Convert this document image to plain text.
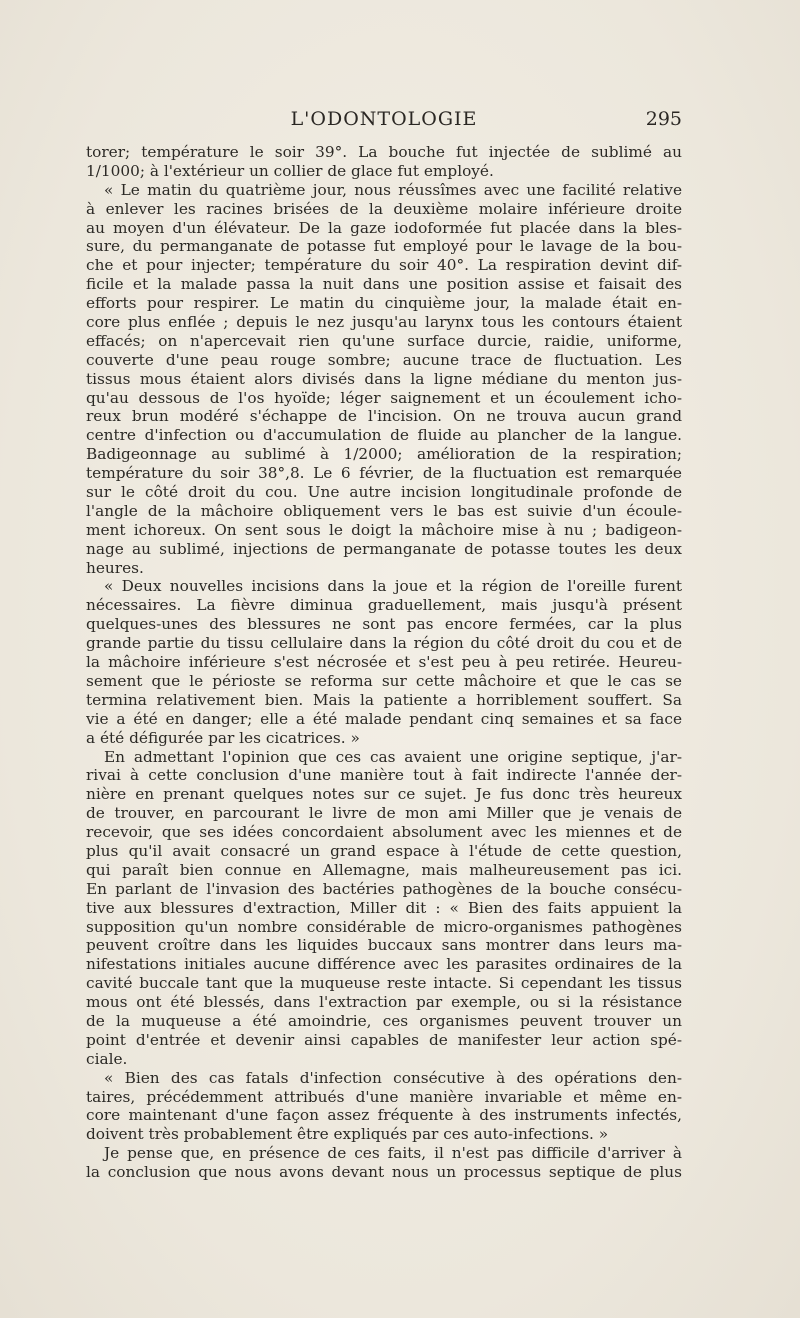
L'ODONTOLOGIE	295
torer; température le soir 39°. La bouche fut injectée de sublimé au
1/1000; à l'extérieur un collier de glace fut employé.
« Le matin du quatrième jour, nous réussîmes avec une facilité relative
à enlever les racines brisées de la deuxième molaire inférieure droite
au moyen d'un élévateur. De la gaze iodoformée fut placée dans la bles-
sure, du permanganate de potasse fut employé pour le lavage de la bou-
che et pour injecter; température du soir 40°. La respiration devint dif-
ficile et la malade passa la nuit dans une position assise et faisait des
efforts pour respirer. Le matin du cinquième jour, la malade était en-
core plus enflée ; depuis le nez jusqu'au larynx tous les contours étaient
effacés; on n'apercevait rien qu'une surface durcie, raidie, uniforme,
couverte d'une peau rouge sombre; aucune trace de fluctuation. Les
tissus mous étaient alors divisés dans la ligne médiane du menton jus-
qu'au dessous de l'os hyoïde; léger saignement et un écoulement icho-
reux brun modéré s'échappe de l'incision. On ne trouva aucun grand
centre d'infection ou d'accumulation de fluide au plancher de la langue.
Badigeonnage au sublimé à 1/2000; amélioration de la respiration;
température du soir 38°,8. Le 6 février, de la fluctuation est remarquée
sur le côté droit du cou. Une autre incision longitudinale profonde de
l'angle de la mâchoire obliquement vers le bas est suivie d'un écoule-
ment ichoreux. On sent sous le doigt la mâchoire mise à nu ; badigeon-
nage au sublimé, injections de permanganate de potasse toutes les deux
heures.
« Deux nouvelles incisions dans la joue et la région de l'oreille furent
nécessaires. La fièvre diminua graduellement, mais jusqu'à présent
quelques-unes des blessures ne sont pas encore fermées, car la plus
grande partie du tissu cellulaire dans la région du côté droit du cou et de
la mâchoire inférieure s'est nécrosée et s'est peu à peu retirée. Heureu-
sement que le périoste se reforma sur cette mâchoire et que le cas se
termina relativement bien. Mais la patiente a horriblement souffert. Sa
vie a été en danger; elle a été malade pendant cinq semaines et sa face
a été défigurée par les cicatrices. »
En admettant l'opinion que ces cas avaient une origine septique, j'ar-
rivai à cette conclusion d'une manière tout à fait indirecte l'année der-
nière en prenant quelques notes sur ce sujet. Je fus donc très heureux
de trouver, en parcourant le livre de mon ami Miller que je venais de
recevoir, que ses idées concordaient absolument avec les miennes et de
plus qu'il avait consacré un grand espace à l'étude de cette question,
qui paraît bien connue en Allemagne, mais malheureusement pas ici.
En parlant de l'invasion des bactéries pathogènes de la bouche consécu-
tive aux blessures d'extraction, Miller dit : « Bien des faits appuient la
supposition qu'un nombre considérable de micro-organismes pathogènes
peuvent croître dans les liquides buccaux sans montrer dans leurs ma-
nifestations initiales aucune différence avec les parasites ordinaires de la
cavité buccale tant que la muqueuse reste intacte. Si cependant les tissus
mous ont été blessés, dans l'extraction par exemple, ou si la résistance
de la muqueuse a été amoindrie, ces organismes peuvent trouver un
point d'entrée et devenir ainsi capables de manifester leur action spé-
ciale.
« Bien des cas fatals d'infection consécutive à des opérations den-
taires, précédemment attribués d'une manière invariable et même en-
core maintenant d'une façon assez fréquente à des instruments infectés,
doivent très probablement être expliqués par ces auto-infections. »
Je pense que, en présence de ces faits, il n'est pas difficile d'arriver à
la conclusion que nous avons devant nous un processus septique de plus
